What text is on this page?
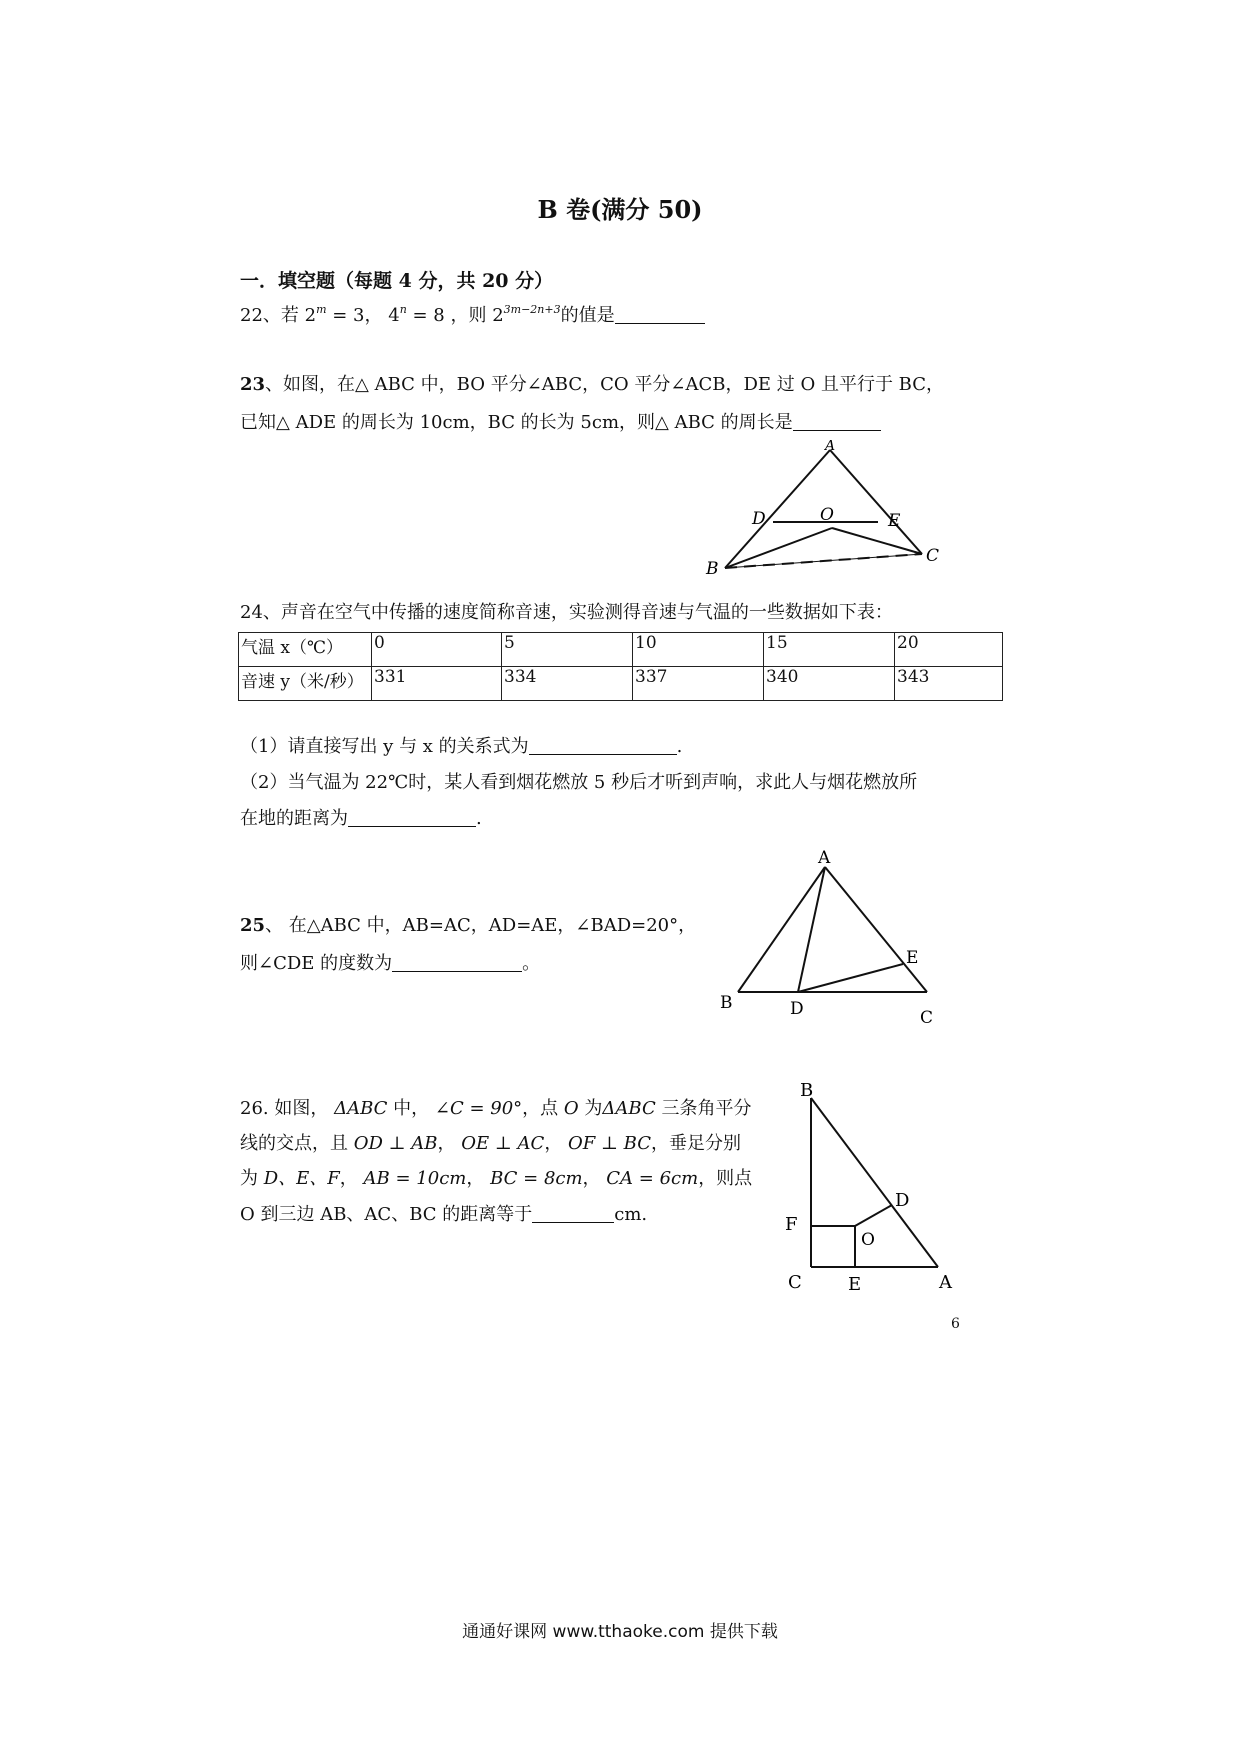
B 卷(满分 50)
一．填空题（每题 4 分，共 20 分）
22、若 $2^m = 3$， $4^n = 8$ ，则 $2^{3m-2n+3}$的值是
23、如图，在△ ABC 中，BO 平分∠ABC，CO 平分∠ACB，DE 过 O 且平行于 BC，
已知△ ADE 的周长为 10cm，BC 的长为 5cm，则△ ABC 的周长是
A
D	O	E
B
C
24、声音在空气中传播的速度简称音速，实验测得音速与气温的一些数据如下表：
气温 x（℃）	0	5	10	15	20
音速 y（米/秒）	331	334	337	340	343
（1）请直接写出 y 与 x 的关系式为	.
（2）当气温为 22℃时，某人看到烟花燃放 5 秒后才听到声响，求此人与烟花燃放所
在地的距离为	.
25、 在△ABC 中，AB=AC，AD=AE，∠BAD=20°，
则∠CDE 的度数为	。
A
B	D
E
C
26. 如图， ΔABC 中， ∠C = 90°，点 O 为ΔABC 三条角平分
线的交点，且 OD ⊥ AB， OE ⊥ AC， OF ⊥ BC，垂足分别
为 D、E、F， AB = 10cm， BC = 8cm， CA = 6cm，则点
O 到三边 AB、AC、BC 的距离等于	cm.
B
D
F
O
C	E	A
6
通通好课网 www.tthaoke.com 提供下载
